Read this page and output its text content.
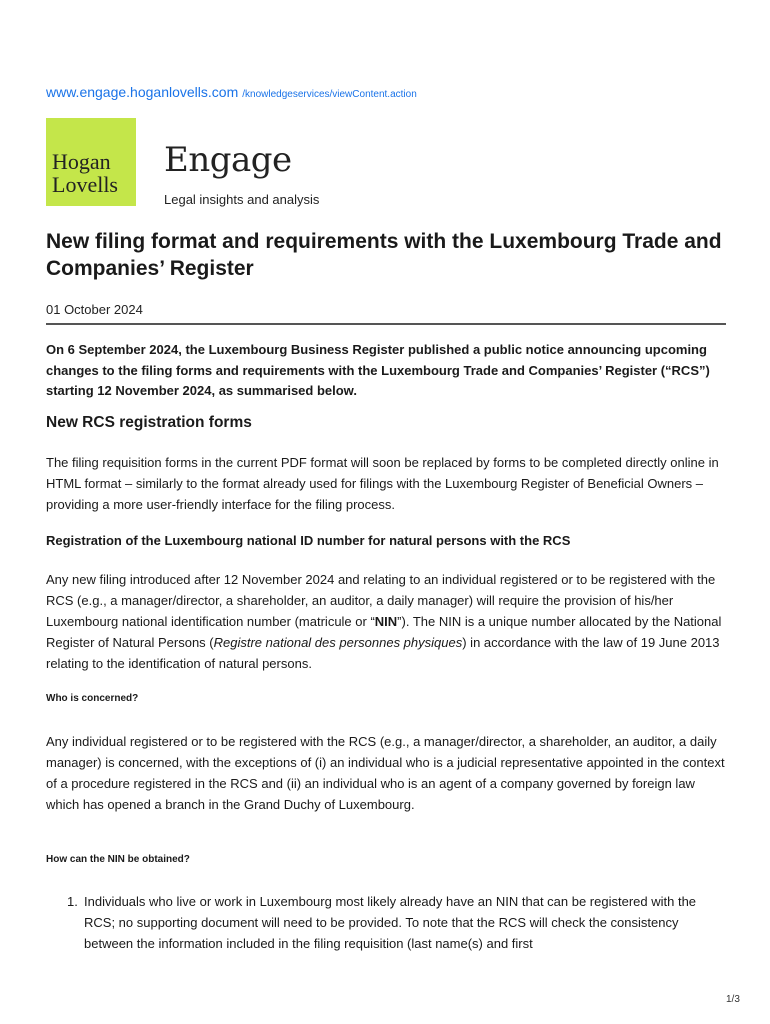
www.engage.hoganlovells.com /knowledgeservices/viewContent.action
Hogan
Lovells
Engage
Legal insights and analysis
New filing format and requirements with the Luxembourg Trade and Companies’ Register
01 October 2024

On 6 September 2024, the Luxembourg Business Register published a public notice announcing upcoming changes to the filing forms and requirements with the Luxembourg Trade and Companies’ Register (“RCS”) starting 12 November 2024, as summarised below.

New RCS registration forms

The filing requisition forms in the current PDF format will soon be replaced by forms to be completed directly online in HTML format – similarly to the format already used for filings with the Luxembourg Register of Beneficial Owners – providing a more user-friendly interface for the filing process.

Registration of the Luxembourg national ID number for natural persons with the RCS

Any new filing introduced after 12 November 2024 and relating to an individual registered or to be registered with the RCS (e.g., a manager/director, a shareholder, an auditor, a daily manager) will require the provision of his/her Luxembourg national identification number (matricule or “NIN”). The NIN is a unique number allocated by the National Register of Natural Persons (Registre national des personnes physiques) in accordance with the law of 19 June 2013 relating to the identification of natural persons.

Who is concerned?

Any individual registered or to be registered with the RCS (e.g., a manager/director, a shareholder, an auditor, a daily manager) is concerned, with the exceptions of (i) an individual who is a judicial representative appointed in the context of a procedure registered in the RCS and (ii) an individual who is an agent of a company governed by foreign law which has opened a branch in the Grand Duchy of Luxembourg.

How can the NIN be obtained?
1. Individuals who live or work in Luxembourg most likely already have an NIN that can be registered with the RCS; no supporting document will need to be provided. To note that the RCS will check the consistency between the information included in the filing requisition (last name(s) and first
1/3
